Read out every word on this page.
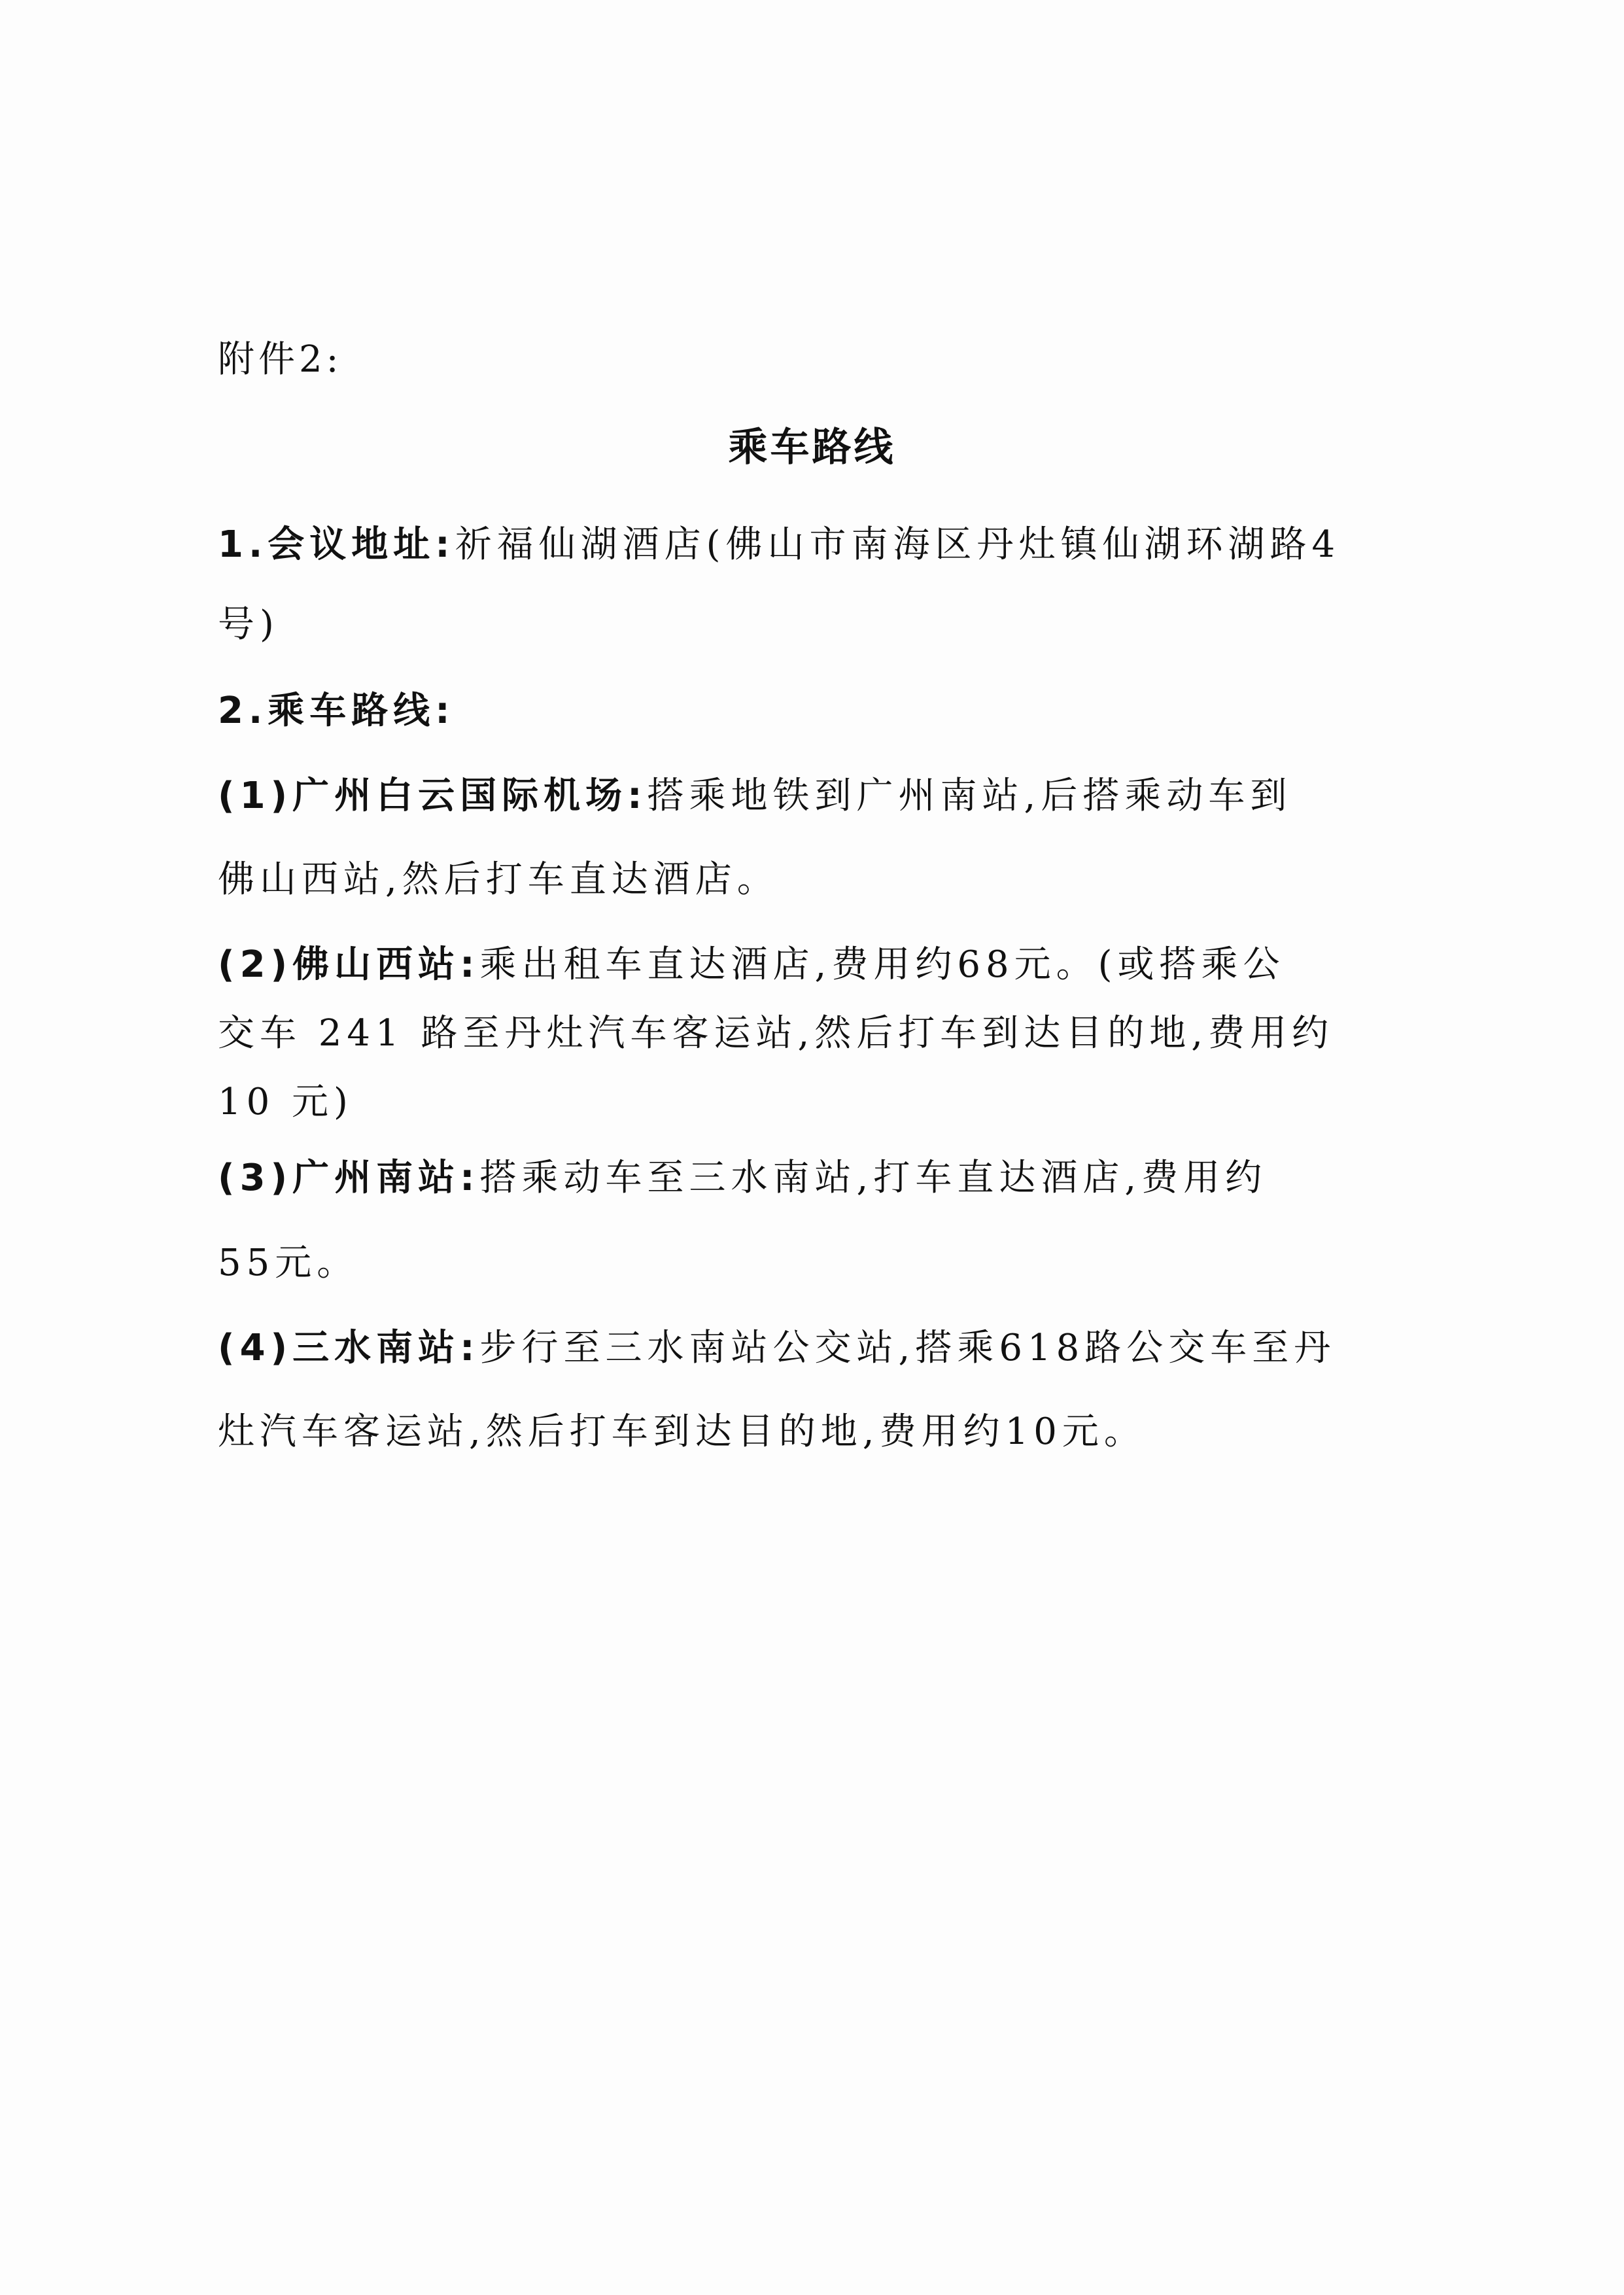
附件2:
乘车路线
1.会议地址:祈福仙湖酒店(佛山市南海区丹灶镇仙湖环湖路4
号)
2.乘车路线:
(1)广州白云国际机场:搭乘地铁到广州南站,后搭乘动车到
佛山西站,然后打车直达酒店。
(2)佛山西站:乘出租车直达酒店,费用约68元。(或搭乘公
交车 241 路至丹灶汽车客运站,然后打车到达目的地,费用约
10 元)
(3)广州南站:搭乘动车至三水南站,打车直达酒店,费用约
55元。
(4)三水南站:步行至三水南站公交站,搭乘618路公交车至丹
灶汽车客运站,然后打车到达目的地,费用约10元。
